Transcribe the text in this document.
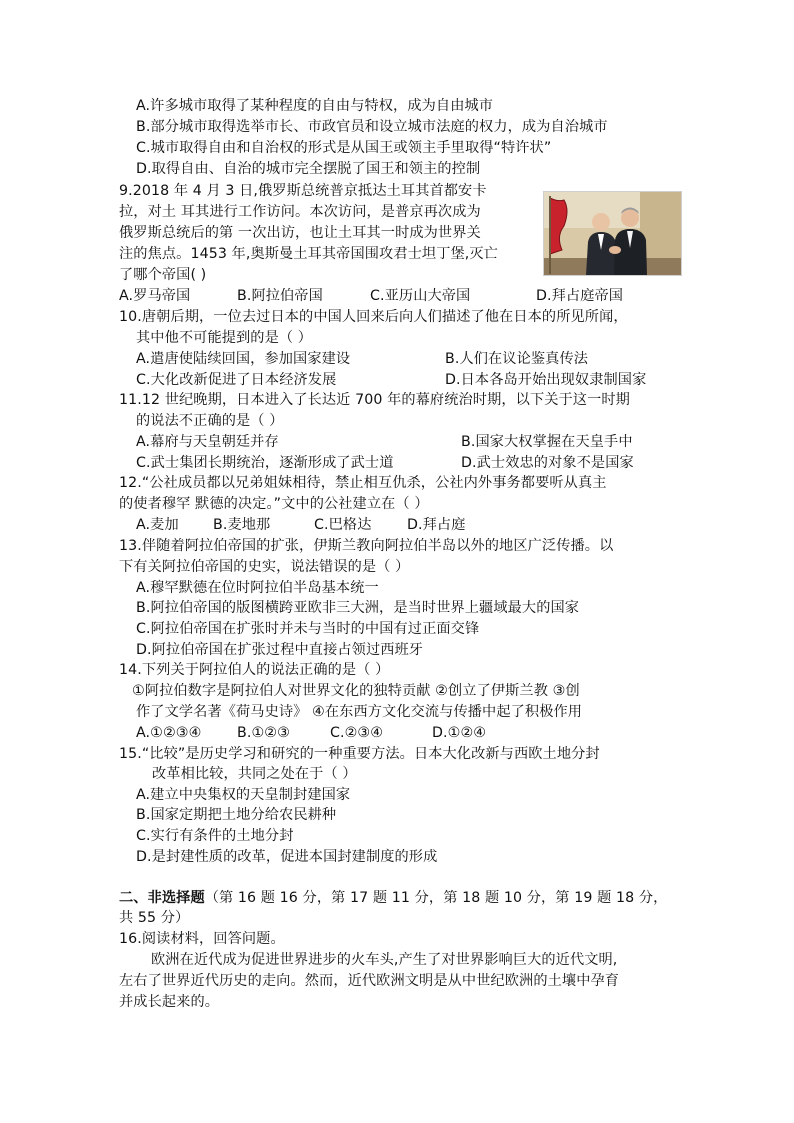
A.许多城市取得了某种程度的自由与特权，成为自由城市
B.部分城市取得选举市长、市政官员和设立城市法庭的权力，成为自治城市
C.城市取得自由和自治权的形式是从国王或领主手里取得“特许状”
D.取得自由、自治的城市完全摆脱了国王和领主的控制
9.2018 年 4 月 3 日,俄罗斯总统普京抵达土耳其首都安卡
拉，对土 耳其进行工作访问。本次访问，是普京再次成为
俄罗斯总统后的第 一次出访，也让土耳其一时成为世界关
注的焦点。1453 年,奥斯曼土耳其帝国围攻君士坦丁堡,灭亡
了哪个帝国( )
A.罗马帝国	B.阿拉伯帝国	C.亚历山大帝国	D.拜占庭帝国
10.唐朝后期，一位去过日本的中国人回来后向人们描述了他在日本的所见所闻，
其中他不可能提到的是（ ）
A.遣唐使陆续回国，参加国家建设	B.人们在议论鉴真传法
C.大化改新促进了日本经济发展	D.日本各岛开始出现奴隶制国家
11.12 世纪晚期，日本进入了长达近 700 年的幕府统治时期，以下关于这一时期
的说法不正确的是（ ）
A.幕府与天皇朝廷并存	B.国家大权掌握在天皇手中
C.武士集团长期统治，逐渐形成了武士道	D.武士效忠的对象不是国家
12.“公社成员都以兄弟姐妹相待，禁止相互仇杀，公社内外事务都要听从真主
的使者穆罕 默德的决定。”文中的公社建立在（ ）
A.麦加 B.麦地那	C.巴格达	D.拜占庭
13.伴随着阿拉伯帝国的扩张，伊斯兰教向阿拉伯半岛以外的地区广泛传播。以
下有关阿拉伯帝国的史实，说法错误的是（ ）
A.穆罕默德在位时阿拉伯半岛基本统一
B.阿拉伯帝国的版图横跨亚欧非三大洲，是当时世界上疆域最大的国家
C.阿拉伯帝国在扩张时并未与当时的中国有过正面交锋
D.阿拉伯帝国在扩张过程中直接占领过西班牙
14.下列关于阿拉伯人的说法正确的是（ ）
①阿拉伯数字是阿拉伯人对世界文化的独特贡献 ②创立了伊斯兰教 ③创
作了文学名著《荷马史诗》 ④在东西方文化交流与传播中起了积极作用
A.①②③④	B.①②③	C.②③④	D.①②④
15.“比较”是历史学习和研究的一种重要方法。日本大化改新与西欧土地分封
改革相比较，共同之处在于（ ）
A.建立中央集权的天皇制封建国家
B.国家定期把土地分给农民耕种
C.实行有条件的土地分封
D.是封建性质的改革，促进本国封建制度的形成
二、非选择题（第 16 题 16 分，第 17 题 11 分，第 18 题 10 分，第 19 题 18 分，
共 55 分）
16.阅读材料，回答问题。
欧洲在近代成为促进世界进步的火车头,产生了对世界影响巨大的近代文明,
左右了世界近代历史的走向。然而，近代欧洲文明是从中世纪欧洲的土壤中孕育
并成长起来的。
